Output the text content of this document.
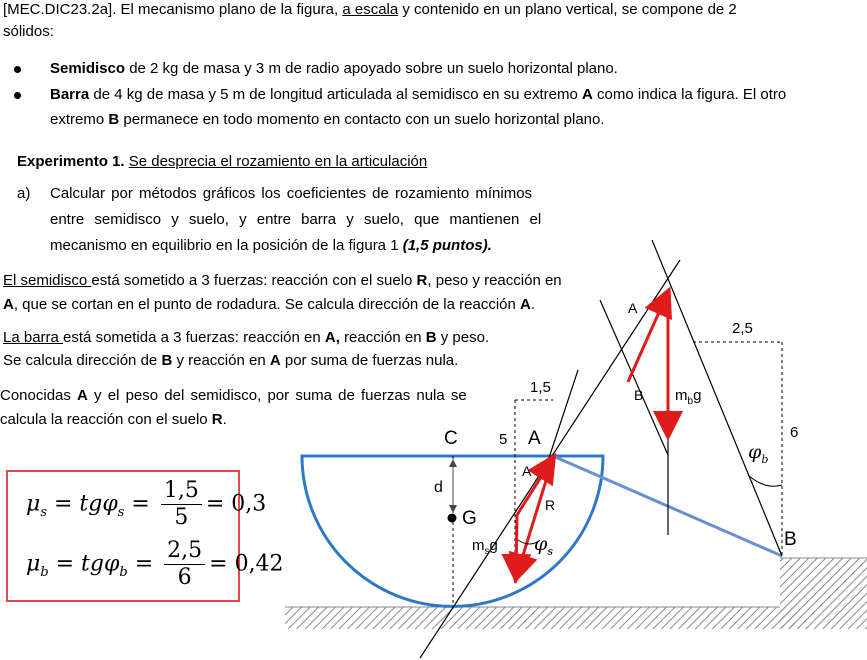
[MEC.DIC23.2a]. El mecanismo plano de la figura, a escala y contenido en un plano vertical, se compone de 2
sólidos:
Semidisco de 2 kg de masa y 3 m de radio apoyado sobre un suelo horizontal plano.
Barra de 4 kg de masa y 5 m de longitud articulada al semidisco en su extremo A como indica la figura. El otro
extremo B permanece en todo momento en contacto con un suelo horizontal plano.
Experimento 1. Se desprecia el rozamiento en la articulación
a) Calcular por métodos gráficos los coeficientes de rozamiento mínimos
entre semidisco y suelo, y entre barra y suelo, que mantienen el
mecanismo en equilibrio en la posición de la figura 1 (1,5 puntos).
El semidisco está sometido a 3 fuerzas: reacción con el suelo R, peso y reacción en
A, que se cortan en el punto de rodadura. Se calcula dirección de la reacción A.
La barra está sometida a 3 fuerzas: reacción en A, reacción en B y peso.
Se calcula dirección de B y reacción en A por suma de fuerzas nula.
Conocidas A y el peso del semidisco, por suma de fuerzas nula se
calcula la reacción con el suelo R.
$\mu_s = tg\varphi_s = \frac{1,5}{5} = 0,3$
$\mu_b = tg\varphi_b = \frac{2,5}{6} = 0,42$
C	5 A
d
G
A
R
$m_sg$ $\varphi_s$
1,5
2,5
6
A
B $m_bg$
$\varphi_b$
B
